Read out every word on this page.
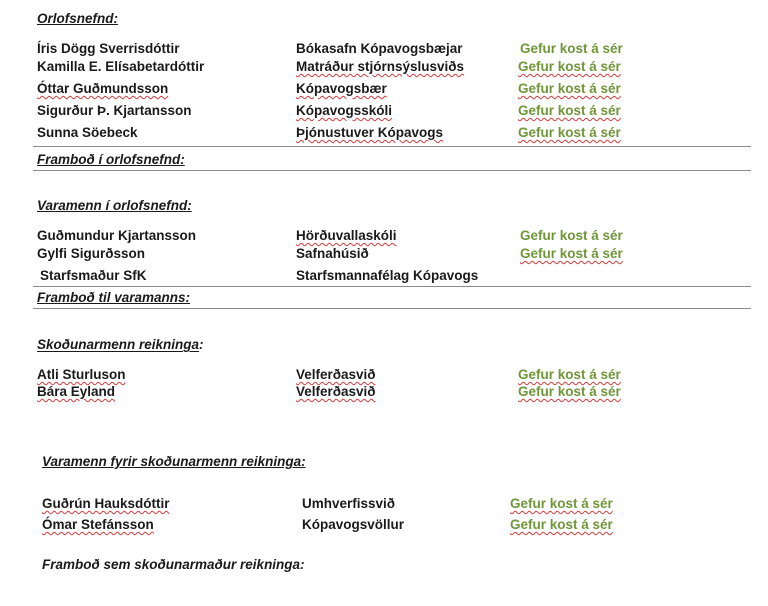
Orlofsnefnd:
Íris Dögg Sverrisdóttir	Bókasafn Kópavogsbæjar	Gefur kost á sér
Kamilla E. Elísabetardóttir	Matráður stjórnsýslusviðs	Gefur kost á sér
Óttar Guðmundsson	Kópavogsbær	Gefur kost á sér
Sigurður Þ. Kjartansson	Kópavogsskóli	Gefur kost á sér
Sunna Söebeck	Þjónustuver Kópavogs	Gefur kost á sér
Framboð í orlofsnefnd:
Varamenn í orlofsnefnd:
Guðmundur Kjartansson	Hörðuvallaskóli	Gefur kost á sér
Gylfi Sigurðsson	Safnahúsið	Gefur kost á sér
Starfsmaður SfK	Starfsmannafélag Kópavogs
Framboð til varamanns:
Skoðunarmenn reikninga:
Atli Sturluson	Velferðasvið	Gefur kost á sér
Bára Eyland	Velferðasvið	Gefur kost á sér
Varamenn fyrir skoðunarmenn reikninga:
Guðrún Hauksdóttir	Umhverfissvið	Gefur kost á sér
Ómar Stefánsson	Kópavogsvöllur	Gefur kost á sér
Framboð sem skoðunarmaður reikninga:
